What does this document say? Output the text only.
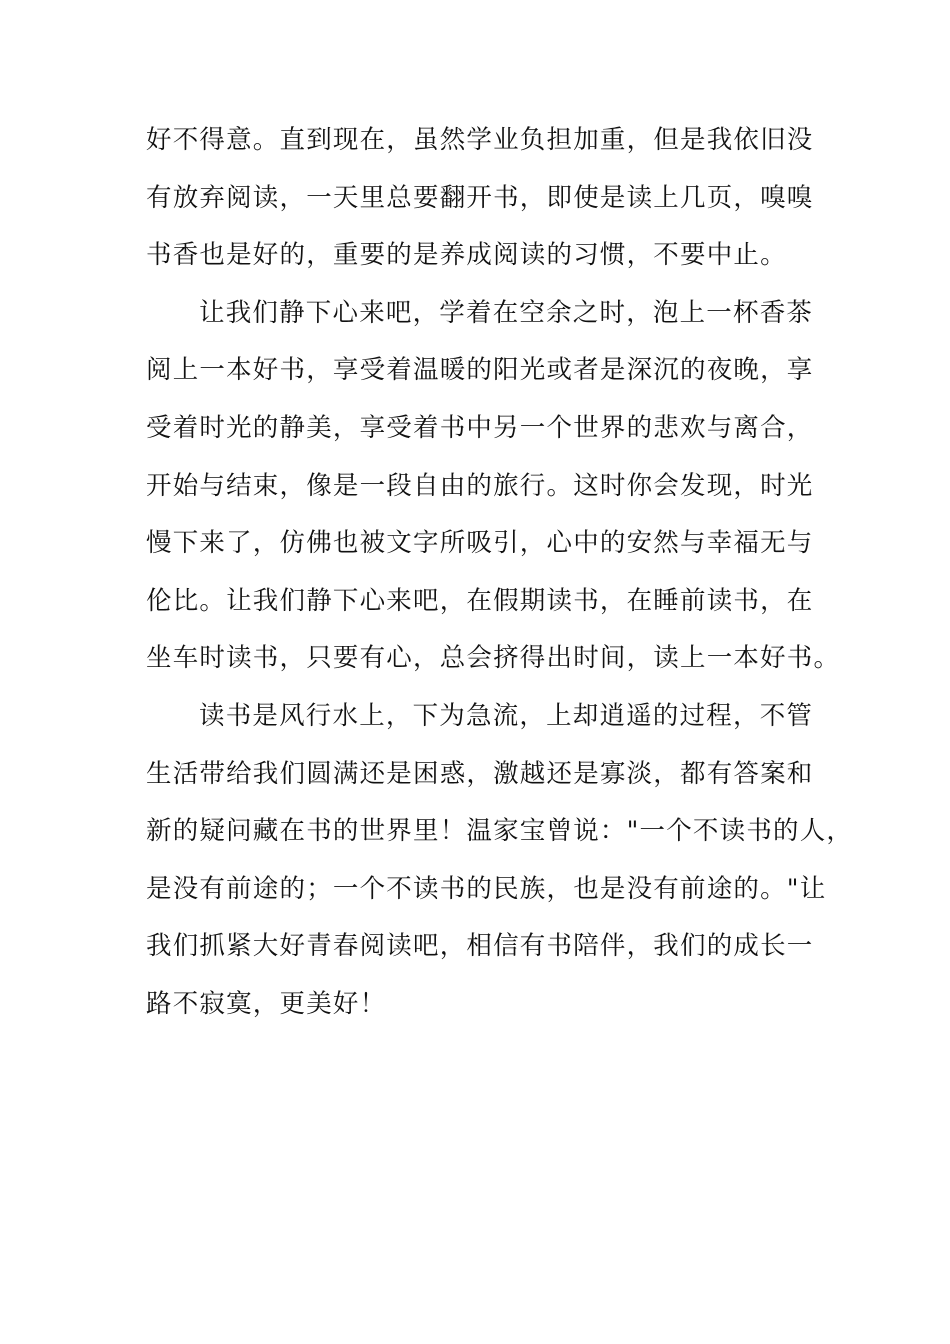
好不得意。直到现在，虽然学业负担加重，但是我依旧没
有放弃阅读，一天里总要翻开书，即使是读上几页，嗅嗅
书香也是好的，重要的是养成阅读的习惯，不要中止。
让我们静下心来吧，学着在空余之时，泡上一杯香茶
阅上一本好书，享受着温暖的阳光或者是深沉的夜晚，享
受着时光的静美，享受着书中另一个世界的悲欢与离合，
开始与结束，像是一段自由的旅行。这时你会发现，时光
慢下来了，仿佛也被文字所吸引，心中的安然与幸福无与
伦比。让我们静下心来吧，在假期读书，在睡前读书，在
坐车时读书，只要有心，总会挤得出时间，读上一本好书。
读书是风行水上，下为急流，上却逍遥的过程，不管
生活带给我们圆满还是困惑，激越还是寡淡，都有答案和
新的疑问藏在书的世界里！温家宝曾说："一个不读书的人，
是没有前途的；一个不读书的民族，也是没有前途的。"让
我们抓紧大好青春阅读吧，相信有书陪伴，我们的成长一
路不寂寞，更美好！
